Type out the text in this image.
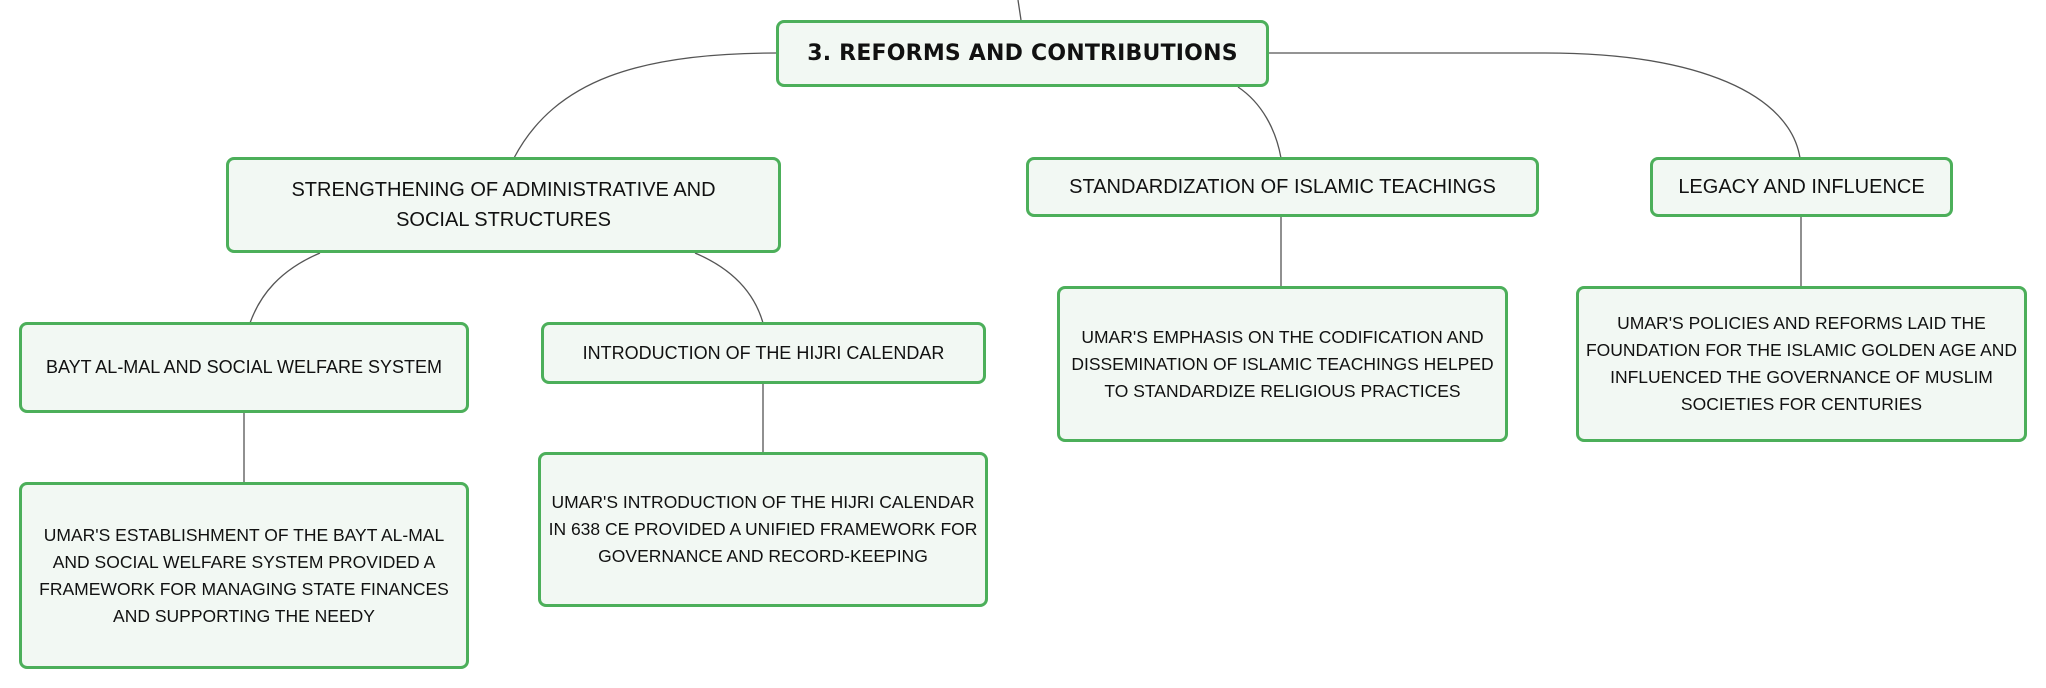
3. REFORMS AND CONTRIBUTIONS
STRENGTHENING OF ADMINISTRATIVE AND SOCIAL STRUCTURES
STANDARDIZATION OF ISLAMIC TEACHINGS	LEGACY AND INFLUENCE
BAYT AL-MAL AND SOCIAL WELFARE SYSTEM
INTRODUCTION OF THE HIJRI CALENDAR
UMAR'S ESTABLISHMENT OF THE BAYT AL-MAL AND SOCIAL WELFARE SYSTEM PROVIDED A FRAMEWORK FOR MANAGING STATE FINANCES AND SUPPORTING THE NEEDY
UMAR'S INTRODUCTION OF THE HIJRI CALENDAR IN 638 CE PROVIDED A UNIFIED FRAMEWORK FOR GOVERNANCE AND RECORD-KEEPING
UMAR'S EMPHASIS ON THE CODIFICATION AND DISSEMINATION OF ISLAMIC TEACHINGS HELPED TO STANDARDIZE RELIGIOUS PRACTICES
UMAR'S POLICIES AND REFORMS LAID THE FOUNDATION FOR THE ISLAMIC GOLDEN AGE AND INFLUENCED THE GOVERNANCE OF MUSLIM SOCIETIES FOR CENTURIES
